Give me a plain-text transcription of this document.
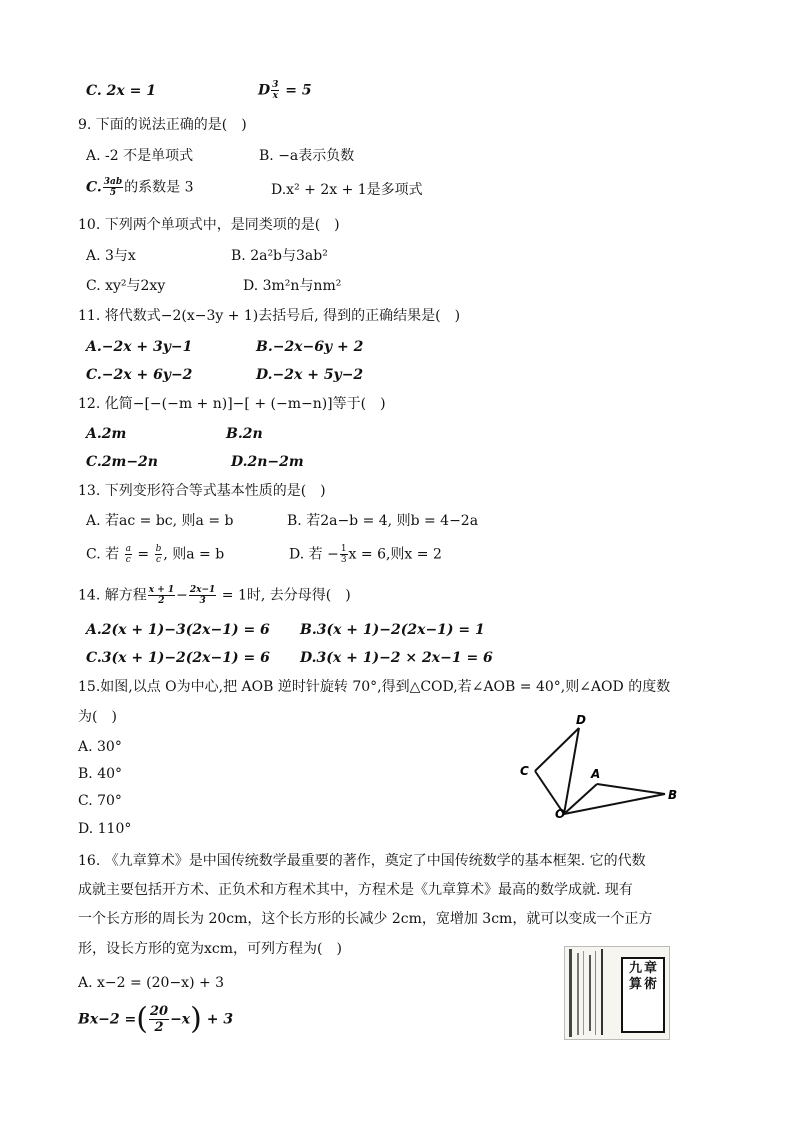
C. 2x = 1	D $\frac{3}{x} = 5$
9. 下面的说法正确的是( )
A. -2 不是单项式	B. −a表示负数
C. $\frac{3ab}{5}$ 的系数是 3	D.x² + 2x + 1是多项式
10. 下列两个单项式中，是同类项的是( )
A. 3与x	B. 2a²b与3ab²
C. xy²与2xy	D. 3m²n与nm²
11. 将代数式−2(x−3y + 1)去括号后, 得到的正确结果是( )
A.−2x + 3y−1	B.−2x−6y + 2
C.−2x + 6y−2	D.−2x + 5y−2
12. 化简−[−(−m + n)]−[ + (−m−n)]等于( )
A.2m	B.2n
C.2m−2n	D.2n−2m
13. 下列变形符合等式基本性质的是( )
A. 若ac = bc, 则a = b	B. 若2a−b = 4, 则b = 4−2a
C. 若 $\frac{a}{c} = \frac{b}{c}$ , 则a = b	D. 若 − $\frac{1}{3}$ x = 6,则x = 2
14. 解方程 $\frac{x + 1}{2} - \frac{2x-1}{3} = 1$时, 去分母得( )
A.2(x + 1)−3(2x−1) = 6 B.3(x + 1)−2(2x−1) = 1
C.3(x + 1)−2(2x−1) = 6 D.3(x + 1)−2 × 2x−1 = 6
15.如图,以点 O为中心,把 AOB 逆时针旋转 70°,得到△COD,若∠AOB = 40°,则∠AOD 的度数
为( )
A. 30°
B. 40°
C. 70°
D. 110°
D
C	A
B
O
16. 《九章算术》是中国传统数学最重要的著作，奠定了中国传统数学的基本框架. 它的代数
成就主要包括开方术、正负术和方程术其中，方程术是《九章算术》最高的数学成就. 现有
一个长方形的周长为 20cm，这个长方形的长减少 2cm，宽增加 3cm，就可以变成一个正方
形，设长方形的宽为xcm，可列方程为( )
A. x−2 = (20−x) + 3
Bx−2 =( $\frac{20}{2} -x) + 3$
九 章
算 術
